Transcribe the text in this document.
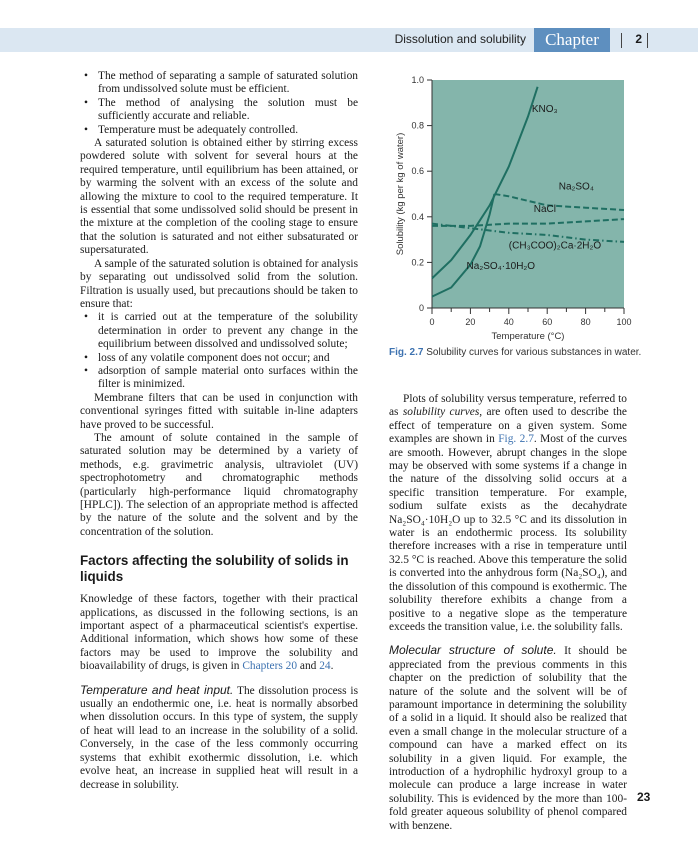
Dissolution and solubility	Chapter	2
• The method of separating a sample of saturated solution from undissolved solute must be efficient.
• The method of analysing the solution must be sufficiently accurate and reliable.
• Temperature must be adequately controlled.

A saturated solution is obtained either by stirring excess powdered solute with solvent for several hours at the required temperature, until equilibrium has been attained, or by warming the solvent with an excess of the solute and allowing the mixture to cool to the required temperature. It is essential that some undissolved solid should be present in the mixture at the completion of the cooling stage to ensure that the solution is saturated and not either subsaturated or supersaturated.

A sample of the saturated solution is obtained for analysis by separating out undissolved solid from the solution. Filtration is usually used, but precautions should be taken to ensure that:

• it is carried out at the temperature of the solubility determination in order to prevent any change in the equilibrium between dissolved and undissolved solute;
• loss of any volatile component does not occur; and
• adsorption of sample material onto surfaces within the filter is minimized.

Membrane filters that can be used in conjunction with conventional syringes fitted with suitable in-line adapters have proved to be successful.

The amount of solute contained in the sample of saturated solution may be determined by a variety of methods, e.g. gravimetric analysis, ultraviolet (UV) spectrophotometry and chromatographic methods (particularly high-performance liquid chromatography [HPLC]). The selection of an appropriate method is affected by the nature of the solute and the solvent and by the concentration of the solution.

Factors affecting the solubility of solids in liquids

Knowledge of these factors, together with their practical applications, as discussed in the following sections, is an important aspect of a pharmaceutical scientist's expertise. Additional information, which shows how some of these factors may be used to improve the solubility and bioavailability of drugs, is given in Chapters 20 and 24.

Temperature and heat input. The dissolution process is usually an endothermic one, i.e. heat is normally absorbed when dissolution occurs. In this type of system, the supply of heat will lead to an increase in the solubility of a solid. Conversely, in the case of the less commonly occurring systems that exhibit exothermic dissolution, i.e. which evolve heat, an increase in supplied heat will result in a decrease in solubility.

0
0.2
0.4
0.6
0.8
1.0
0	20	40	60	80	100
Temperature (°C)
Solubility (kg per kg of water)
KNO₃
Na₂SO₄
NaCl
(CH₃COO)₂Ca·2H₂O
Na₂SO₄·10H₂O
Fig. 2.7 Solubility curves for various substances in water.

Plots of solubility versus temperature, referred to as solubility curves, are often used to describe the effect of temperature on a given system. Some examples are shown in Fig. 2.7. Most of the curves are smooth. However, abrupt changes in the slope may be observed with some systems if a change in the nature of the dissolving solid occurs at a specific transition temperature. For example, sodium sulfate exists as the decahydrate Na₂SO₄·10H₂O up to 32.5 °C and its dissolution in water is an endothermic process. Its solubility therefore increases with a rise in temperature until 32.5 °C is reached. Above this temperature the solid is converted into the anhydrous form (Na₂SO₄), and the dissolution of this compound is exothermic. The solubility therefore exhibits a change from a positive to a negative slope as the temperature exceeds the transition value, i.e. the solubility falls.

Molecular structure of solute. It should be appreciated from the previous comments in this chapter on the prediction of solubility that the nature of the solute and the solvent will be of paramount importance in determining the solubility of a solid in a liquid. It should also be realized that even a small change in the molecular structure of a compound can have a marked effect on its solubility in a given liquid. For example, the introduction of a hydrophilic hydroxyl group to a molecule can produce a large increase in water solubility. This is evidenced by the more than 100-fold greater aqueous solubility of phenol compared with benzene.

23
